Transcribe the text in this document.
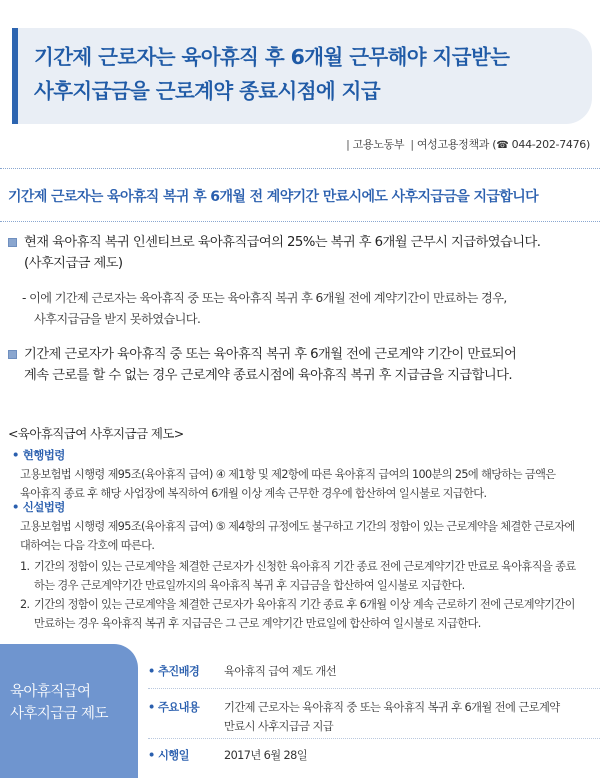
기간제 근로자는 육아휴직 후 6개월 근무해야 지급받는
사후지급금을 근로계약 종료시점에 지급
| 고용노동부 | 여성고용정책과 (☎ 044-202-7476)
기간제 근로자는 육아휴직 복귀 후 6개월 전 계약기간 만료시에도 사후지급금을 지급합니다
현재 육아휴직 복귀 인센티브로 육아휴직급여의 25%는 복귀 후 6개월 근무시 지급하였습니다.
(사후지급금 제도)
- 이에 기간제 근로자는 육아휴직 중 또는 육아휴직 복귀 후 6개월 전에 계약기간이 만료하는 경우,
사후지급금을 받지 못하였습니다.
기간제 근로자가 육아휴직 중 또는 육아휴직 복귀 후 6개월 전에 근로계약 기간이 만료되어
계속 근로를 할 수 없는 경우 근로계약 종료시점에 육아휴직 복귀 후 지급금을 지급합니다.
<육아휴직급여 사후지급금 제도>
• 현행법령
고용보험법 시행령 제95조(육아휴직 급여) ④ 제1항 및 제2항에 따른 육아휴직 급여의 100분의 25에 해당하는 금액은
육아휴직 종료 후 해당 사업장에 복직하여 6개월 이상 계속 근무한 경우에 합산하여 일시불로 지급한다.
• 신설법령
고용보험법 시행령 제95조(육아휴직 급여) ⑤ 제4항의 규정에도 불구하고 기간의 정함이 있는 근로계약을 체결한 근로자에
대하여는 다음 각호에 따른다.
1. 기간의 정함이 있는 근로계약을 체결한 근로자가 신청한 육아휴직 기간 종료 전에 근로계약기간 만료로 육아휴직을 종료
하는 경우 근로계약기간 만료일까지의 육아휴직 복귀 후 지급금을 합산하여 일시불로 지급한다.
2. 기간의 정함이 있는 근로계약을 체결한 근로자가 육아휴직 기간 종료 후 6개월 이상 계속 근로하기 전에 근로계약기간이
만료하는 경우 육아휴직 복귀 후 지급금은 그 근로 계약기간 만료일에 합산하여 일시불로 지급한다.
육아휴직급여
사후지급금 제도
• 추진배경 육아휴직 급여 제도 개선
• 주요내용 기간제 근로자는 육아휴직 중 또는 육아휴직 복귀 후 6개월 전에 근로계약
만료시 사후지급금 지급
• 시행일	2017년 6월 28일
